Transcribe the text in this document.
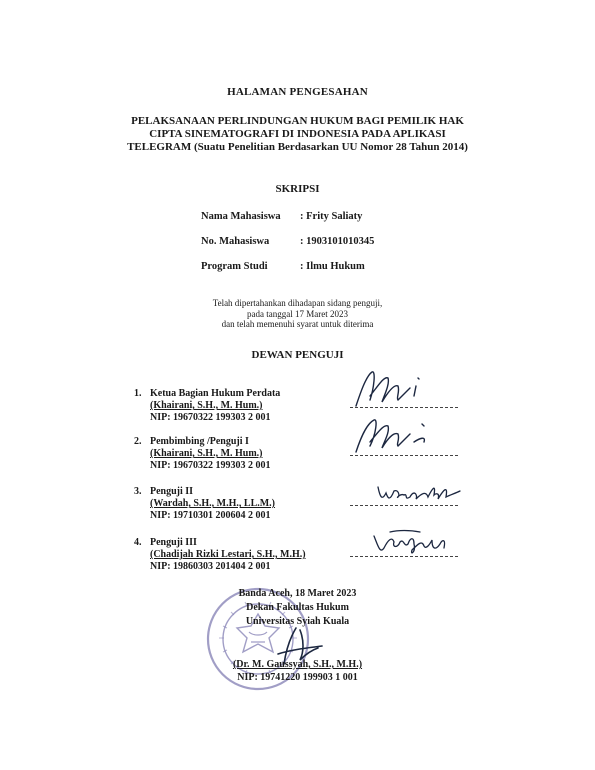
HALAMAN PENGESAHAN
PELAKSANAAN PERLINDUNGAN HUKUM BAGI PEMILIK HAK
CIPTA SINEMATOGRAFI DI INDONESIA PADA APLIKASI
TELEGRAM (Suatu Penelitian Berdasarkan UU Nomor 28 Tahun 2014)
SKRIPSI
Nama Mahasiswa : Frity Saliaty
No. Mahasiswa	: 1903101010345
Program Studi	: Ilmu Hukum
Telah dipertahankan dihadapan sidang penguji,
pada tanggal 17 Maret 2023
dan telah memenuhi syarat untuk diterima
DEWAN PENGUJI
1. Ketua Bagian Hukum Perdata
(Khairani, S.H., M. Hum.)
NIP: 19670322 199303 2 001
2. Pembimbing /Penguji I
(Khairani, S.H., M. Hum.)
NIP: 19670322 199303 2 001
3. Penguji II
(Wardah, S.H., M.H., LL.M.)
NIP: 19710301 200604 2 001
4. Penguji III
(Chadijah Rizki Lestari, S.H., M.H.)
NIP: 19860303 201404 2 001
Banda Aceh, 18 Maret 2023
Dekan Fakultas Hukum
Universitas Syiah Kuala
(Dr. M. Gaussyah, S.H., M.H.)
NIP: 19741220 199903 1 001
